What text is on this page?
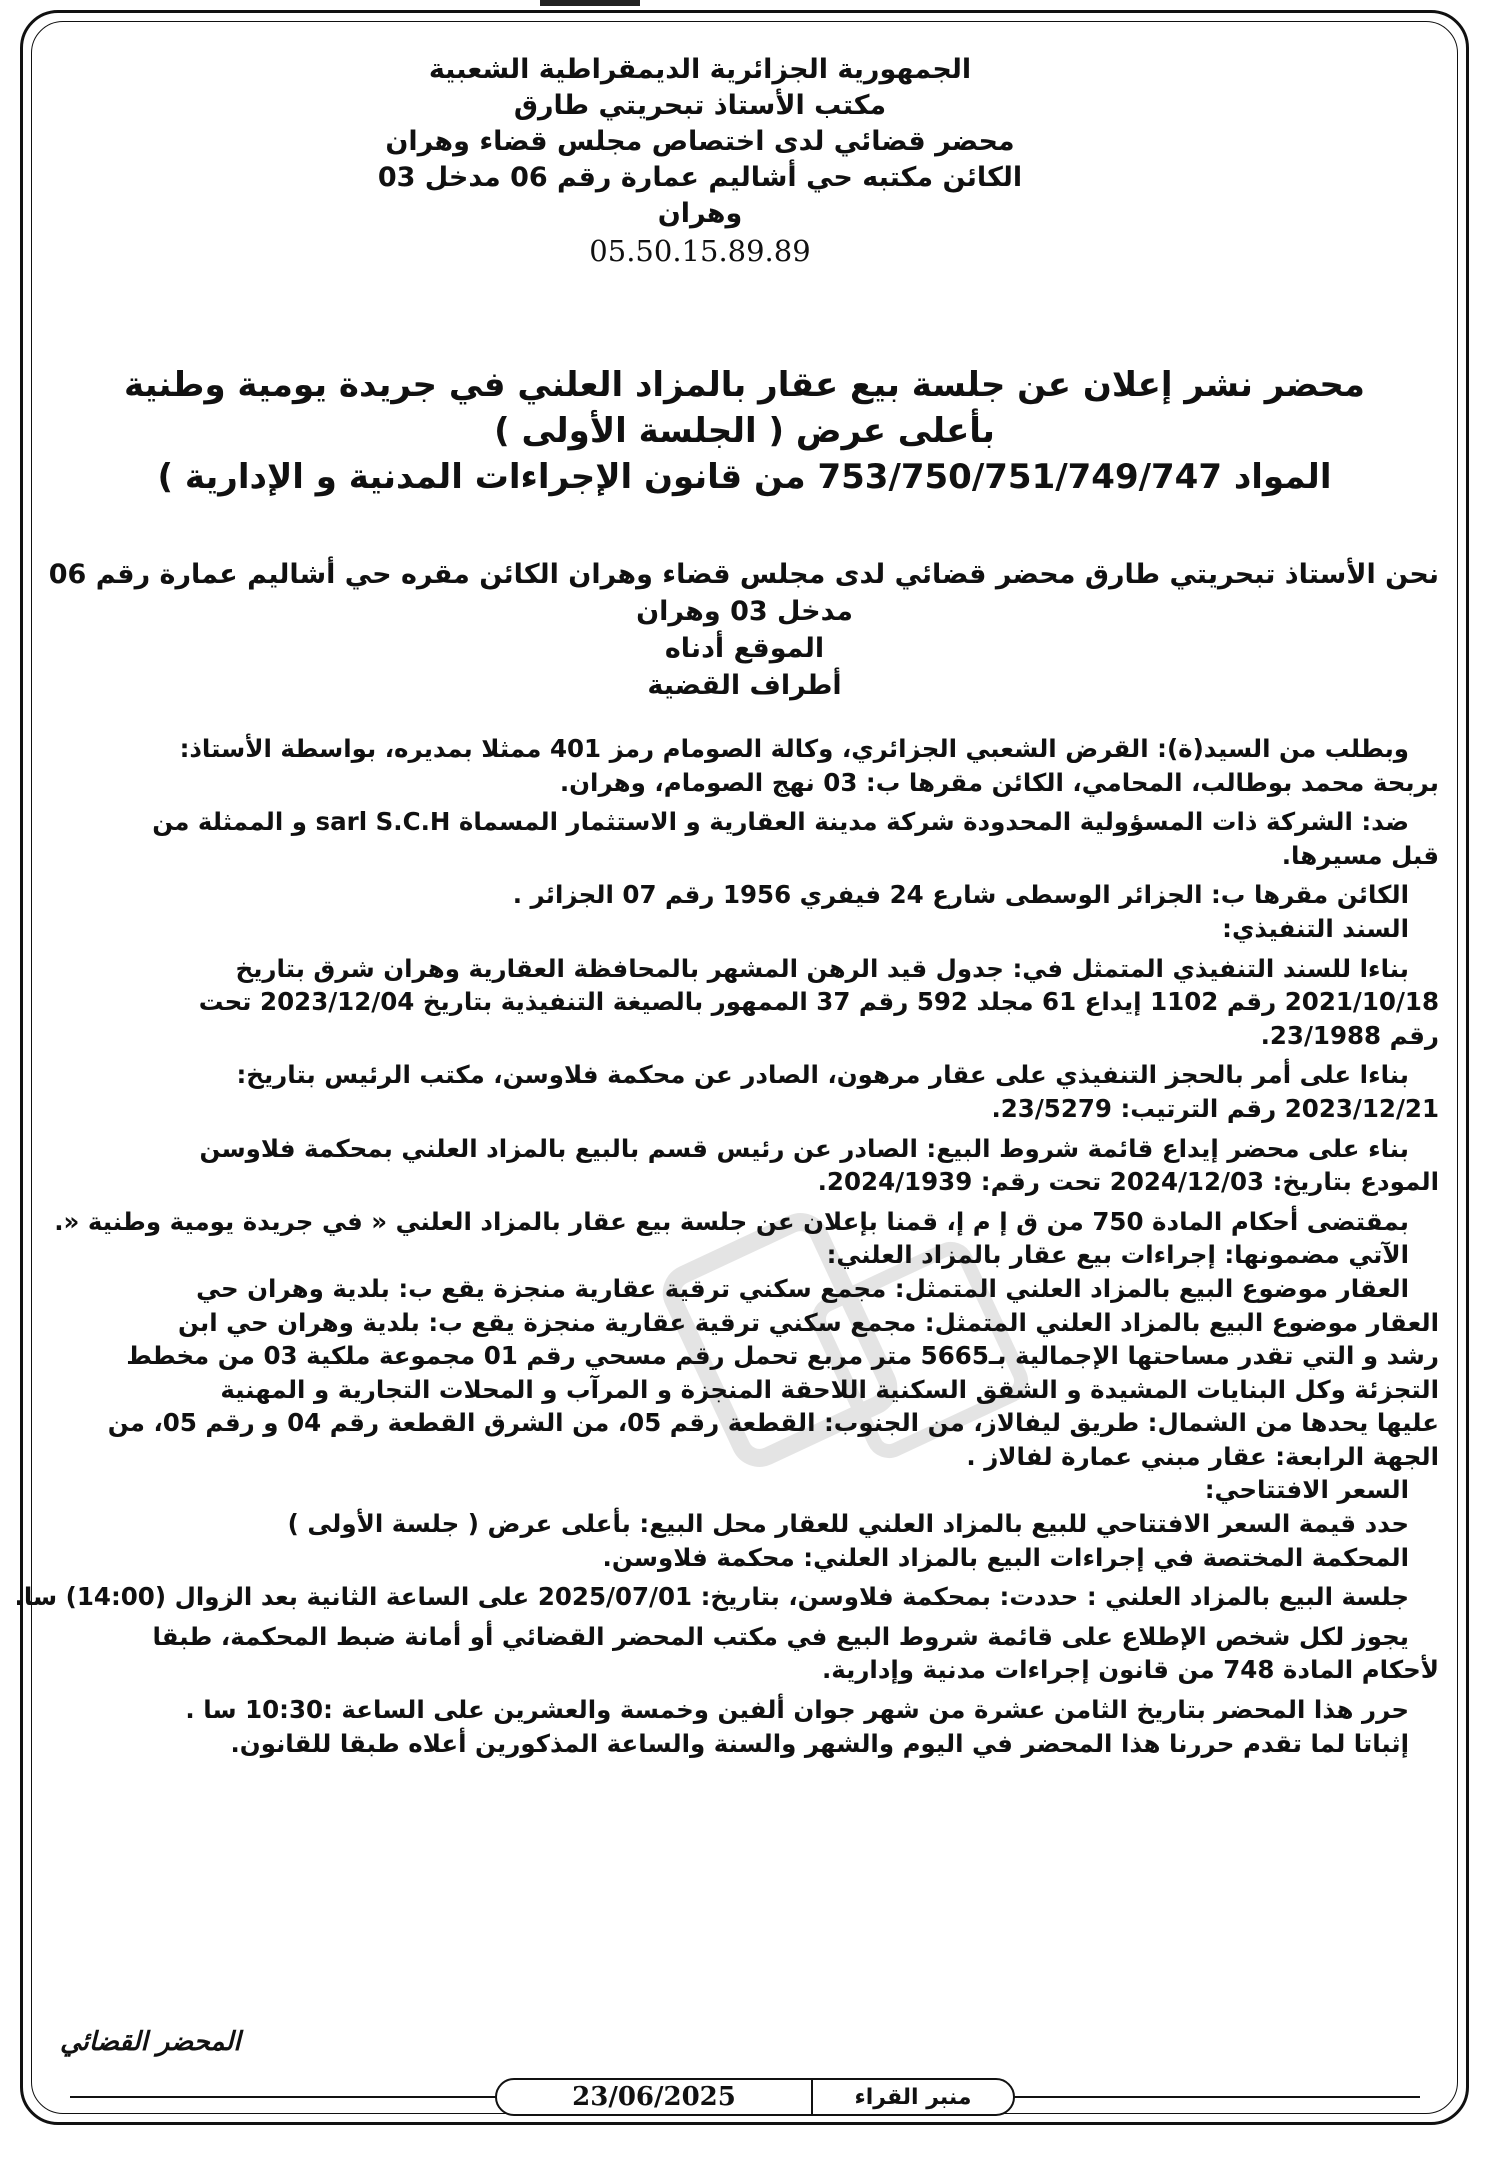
الجمهورية الجزائرية الديمقراطية الشعبية
مكتب الأستاذ تبحريتي طارق
محضر قضائي لدى اختصاص مجلس قضاء وهران
الكائن مكتبه حي أشاليم عمارة رقم 06 مدخل 03
وهران
05.50.15.89.89
محضر نشر إعلان عن جلسة بيع عقار بالمزاد العلني في جريدة يومية وطنية
بأعلى عرض ( الجلسة الأولى )
المواد 753/750/751/749/747 من قانون الإجراءات المدنية و الإدارية )
نحن الأستاذ تبحريتي طارق محضر قضائي لدى مجلس قضاء وهران الكائن مقره حي أشاليم عمارة رقم 06
مدخل 03 وهران
الموقع أدناه
أطراف القضية
وبطلب من السيد(ة): القرض الشعبي الجزائري، وكالة الصومام رمز 401 ممثلا بمديره، بواسطة الأستاذ:
بربحة محمد بوطالب، المحامي، الكائن مقرها ب: 03 نهج الصومام، وهران.
ضد: الشركة ذات المسؤولية المحدودة شركة مدينة العقارية و الاستثمار المسماة sarl S.C.H و الممثلة من
قبل مسيرها.
الكائن مقرها ب: الجزائر الوسطى شارع 24 فيفري 1956 رقم 07 الجزائر .
السند التنفيذي:
بناءا للسند التنفيذي المتمثل في: جدول قيد الرهن المشهر بالمحافظة العقارية وهران شرق بتاريخ
2021/10/18 رقم 1102 إيداع 61 مجلد 592 رقم 37 الممهور بالصيغة التنفيذية بتاريخ 2023/12/04 تحت
رقم 23/1988.
بناءا على أمر بالحجز التنفيذي على عقار مرهون، الصادر عن محكمة فلاوسن، مكتب الرئيس بتاريخ:
2023/12/21 رقم الترتيب: 23/5279.
بناء على محضر إيداع قائمة شروط البيع: الصادر عن رئيس قسم بالبيع بالمزاد العلني بمحكمة فلاوسن
المودع بتاريخ: 2024/12/03 تحت رقم: 2024/1939.
بمقتضى أحكام المادة 750 من ق إ م إ، قمنا بإعلان عن جلسة بيع عقار بالمزاد العلني « في جريدة يومية وطنية «.
الآتي مضمونها: إجراءات بيع عقار بالمزاد العلني:
العقار موضوع البيع بالمزاد العلني المتمثل: مجمع سكني ترقية عقارية منجزة يقع ب: بلدية وهران حي
العقار موضوع البيع بالمزاد العلني المتمثل: مجمع سكني ترقية عقارية منجزة يقع ب: بلدية وهران حي ابن
رشد و التي تقدر مساحتها الإجمالية بـ5665 متر مربع تحمل رقم مسحي رقم 01 مجموعة ملكية 03 من مخطط
التجزئة وكل البنايات المشيدة و الشقق السكنية اللاحقة المنجزة و المرآب و المحلات التجارية و المهنية
عليها يحدها من الشمال: طريق ليفالاز، من الجنوب: القطعة رقم 05، من الشرق القطعة رقم 04 و رقم 05، من
الجهة الرابعة: عقار مبني عمارة لفالاز .
السعر الافتتاحي:
حدد قيمة السعر الافتتاحي للبيع بالمزاد العلني للعقار محل البيع: بأعلى عرض ( جلسة الأولى )
المحكمة المختصة في إجراءات البيع بالمزاد العلني: محكمة فلاوسن.
جلسة البيع بالمزاد العلني : حددت: بمحكمة فلاوسن، بتاريخ: 2025/07/01 على الساعة الثانية بعد الزوال (14:00) سا.
يجوز لكل شخص الإطلاع على قائمة شروط البيع في مكتب المحضر القضائي أو أمانة ضبط المحكمة، طبقا
لأحكام المادة 748 من قانون إجراءات مدنية وإدارية.
حرر هذا المحضر بتاريخ الثامن عشرة من شهر جوان ألفين وخمسة والعشرين على الساعة :10:30 سا .
إثباتا لما تقدم حررنا هذا المحضر في اليوم والشهر والسنة والساعة المذكورين أعلاه طبقا للقانون.
المحضر القضائي
منبر القراء
23/06/2025
